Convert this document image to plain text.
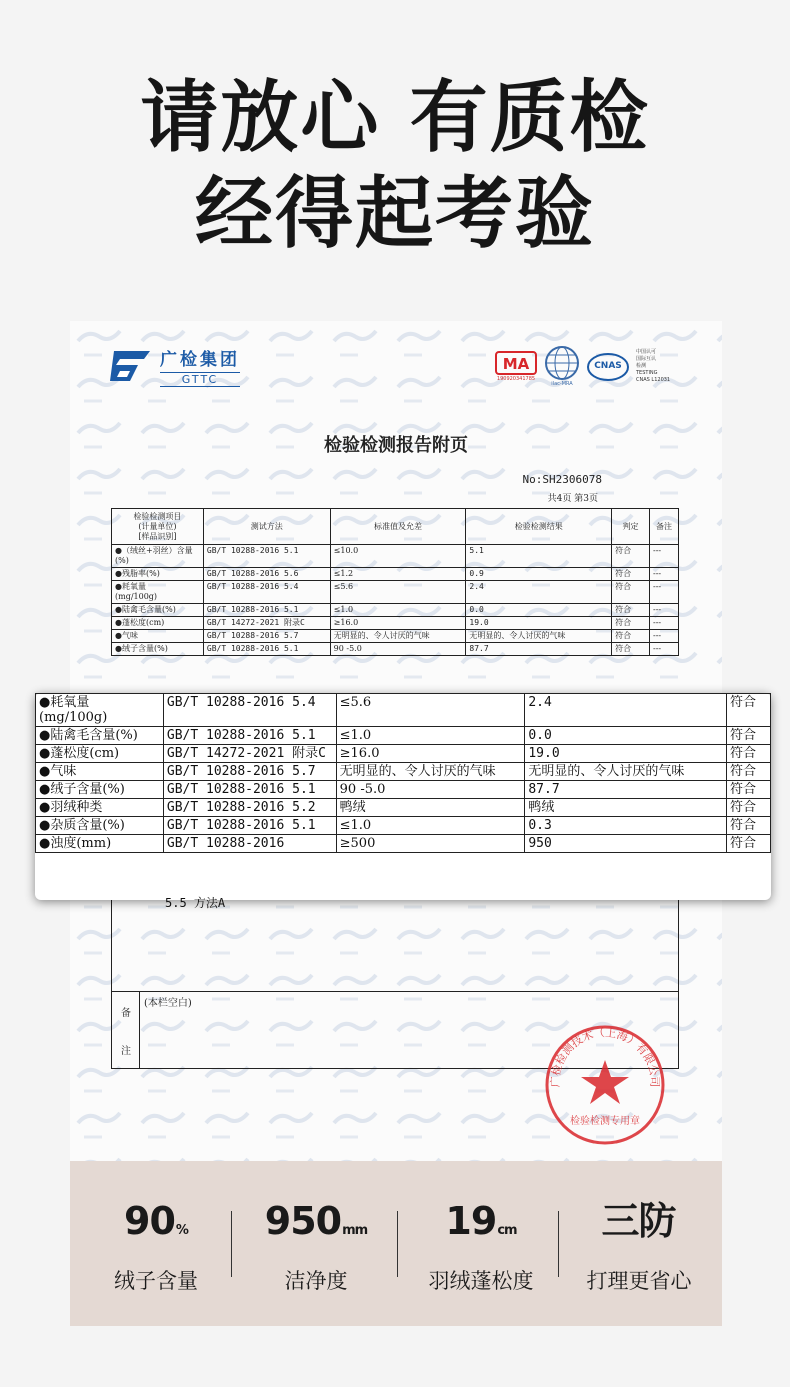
请放心 有质检
经得起考验
广检集团
GTTC
MA
190920341785
ilac-MRA
CNAS
中国认可
国际互认
检测
TESTING
CNAS L12031
检验检测报告附页
No:SH2306078
共4页 第3页
检验检测项目
(计量单位)
[样品识别]	测试方法	标准值及允差	检验检测结果	判定	备注
●（绒丝+羽丝）含量(%)	GB/T 10288-2016 5.1	≤10.0	5.1	符合	---
●残脂率(%)	GB/T 10288-2016 5.6	≤1.2	0.9	符合	---
●耗氧量
(mg/100g)	GB/T 10288-2016 5.4	≤5.6	2.4	符合	---
●陆禽毛含量(%)	GB/T 10288-2016 5.1	≤1.0	0.0	符合	---
●蓬松度(cm)	GB/T 14272-2021 附录C	≥16.0	19.0	符合	---
●气味	GB/T 10288-2016 5.7	无明显的、令人讨厌的气味	无明显的、令人讨厌的气味	符合	---
●绒子含量(%)	GB/T 10288-2016 5.1	90 -5.0	87.7	符合	---
备
注
(本栏空白)
广检检测技术（上海）有限公司
检验检测专用章
90%
绒子含量
950mm
洁净度
19cm
羽绒蓬松度
三防
打理更省心
●耗氧量
(mg/100g)	GB/T 10288-2016 5.4	≤5.6	2.4	符合
●陆禽毛含量(%)	GB/T 10288-2016 5.1	≤1.0	0.0	符合
●蓬松度(cm)	GB/T 14272-2021 附录C	≥16.0	19.0	符合
●气味	GB/T 10288-2016 5.7	无明显的、令人讨厌的气味	无明显的、令人讨厌的气味	符合
●绒子含量(%)	GB/T 10288-2016 5.1	90 -5.0	87.7	符合
●羽绒种类	GB/T 10288-2016 5.2	鸭绒	鸭绒	符合
●杂质含量(%)	GB/T 10288-2016 5.1	≤1.0	0.3	符合
●浊度(mm)	GB/T 10288-2016	≥500	950	符合
5.5 方法A
